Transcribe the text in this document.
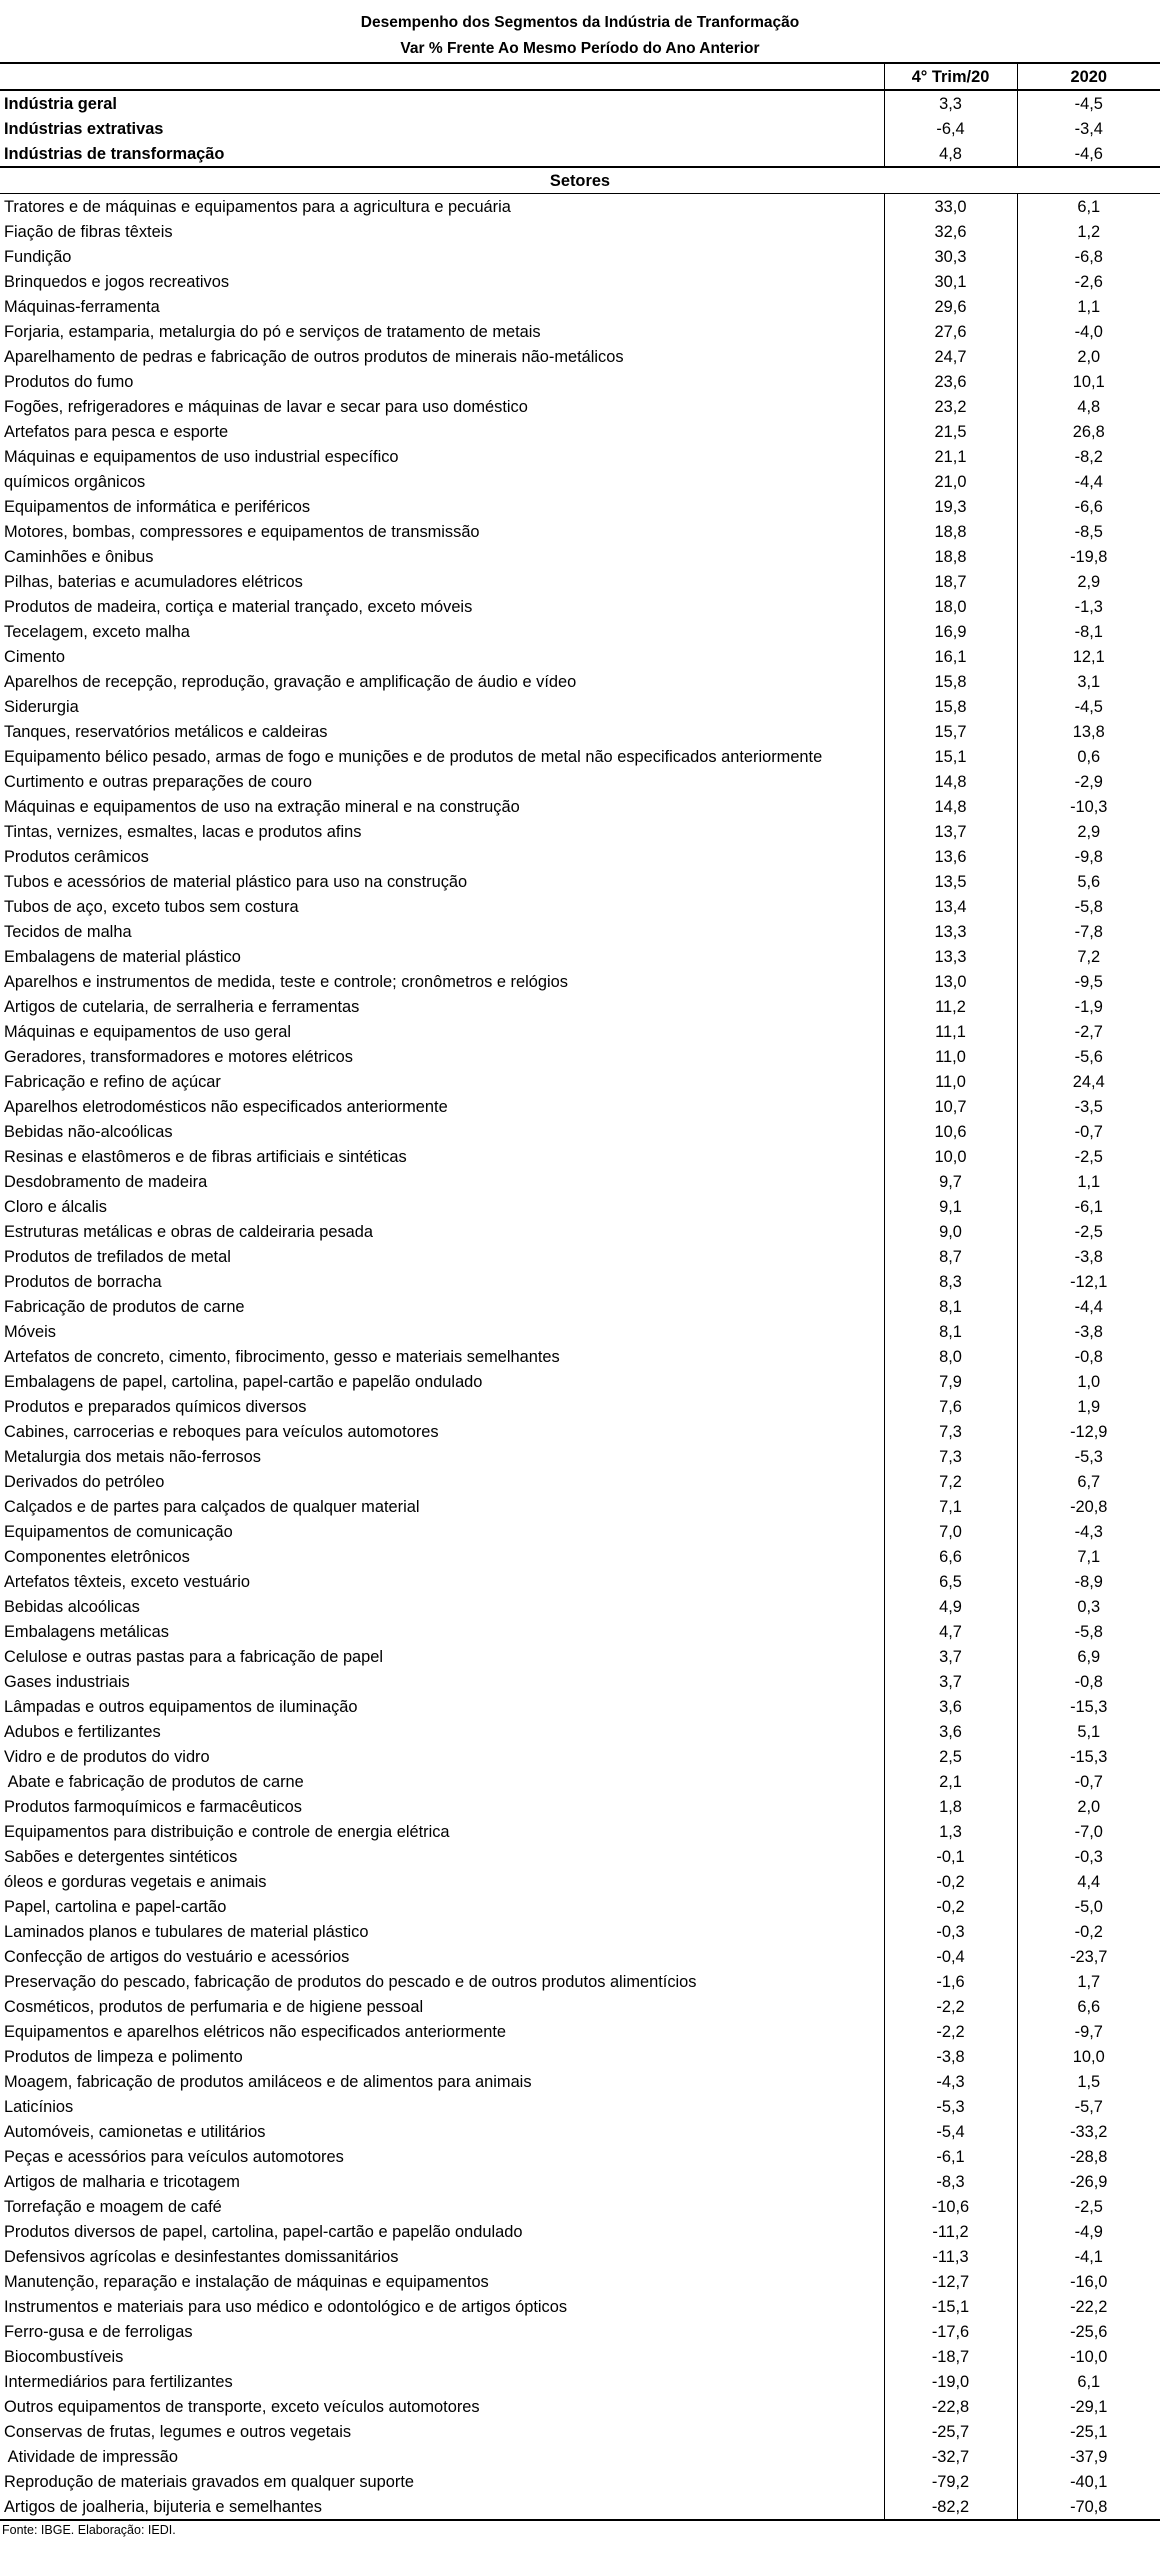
Desempenho dos Segmentos da Indústria de Tranformação
Var % Frente Ao Mesmo Período do Ano Anterior
	4° Trim/20	2020
Indústria geral	3,3	-4,5
Indústrias extrativas	-6,4	-3,4
Indústrias de transformação	4,8	-4,6
Setores		
Tratores e de máquinas e equipamentos para a agricultura e pecuária	33,0	6,1
Fiação de fibras têxteis	32,6	1,2
Fundição	30,3	-6,8
Brinquedos e jogos recreativos	30,1	-2,6
Máquinas-ferramenta	29,6	1,1
Forjaria, estamparia, metalurgia do pó e serviços de tratamento de metais	27,6	-4,0
Aparelhamento de pedras e fabricação de outros produtos de minerais não-metálicos	24,7	2,0
Produtos do fumo	23,6	10,1
Fogões, refrigeradores e máquinas de lavar e secar para uso doméstico	23,2	4,8
Artefatos para pesca e esporte	21,5	26,8
Máquinas e equipamentos de uso industrial específico	21,1	-8,2
químicos orgânicos	21,0	-4,4
Equipamentos de informática e periféricos	19,3	-6,6
Motores, bombas, compressores e equipamentos de transmissão	18,8	-8,5
Caminhões e ônibus	18,8	-19,8
Pilhas, baterias e acumuladores elétricos	18,7	2,9
Produtos de madeira, cortiça e material trançado, exceto móveis	18,0	-1,3
Tecelagem, exceto malha	16,9	-8,1
Cimento	16,1	12,1
Aparelhos de recepção, reprodução, gravação e amplificação de áudio e vídeo	15,8	3,1
Siderurgia	15,8	-4,5
Tanques, reservatórios metálicos e caldeiras	15,7	13,8
Equipamento bélico pesado, armas de fogo e munições e de produtos de metal não especificados anteriormente	15,1	0,6
Curtimento e outras preparações de couro	14,8	-2,9
Máquinas e equipamentos de uso na extração mineral e na construção	14,8	-10,3
Tintas, vernizes, esmaltes, lacas e produtos afins	13,7	2,9
Produtos cerâmicos	13,6	-9,8
Tubos e acessórios de material plástico para uso na construção	13,5	5,6
Tubos de aço, exceto tubos sem costura	13,4	-5,8
Tecidos de malha	13,3	-7,8
Embalagens de material plástico	13,3	7,2
Aparelhos e instrumentos de medida, teste e controle; cronômetros e relógios	13,0	-9,5
Artigos de cutelaria, de serralheria e ferramentas	11,2	-1,9
Máquinas e equipamentos de uso geral	11,1	-2,7
Geradores, transformadores e motores elétricos	11,0	-5,6
Fabricação e refino de açúcar	11,0	24,4
Aparelhos eletrodomésticos não especificados anteriormente	10,7	-3,5
Bebidas não-alcoólicas	10,6	-0,7
Resinas e elastômeros e de fibras artificiais e sintéticas	10,0	-2,5
Desdobramento de madeira	9,7	1,1
Cloro e álcalis	9,1	-6,1
Estruturas metálicas e obras de caldeiraria pesada	9,0	-2,5
Produtos de trefilados de metal	8,7	-3,8
Produtos de borracha	8,3	-12,1
Fabricação de produtos de carne	8,1	-4,4
Móveis	8,1	-3,8
Artefatos de concreto, cimento, fibrocimento, gesso e materiais semelhantes	8,0	-0,8
Embalagens de papel, cartolina, papel-cartão e papelão ondulado	7,9	1,0
Produtos e preparados químicos diversos	7,6	1,9
Cabines, carrocerias e reboques para veículos automotores	7,3	-12,9
Metalurgia dos metais não-ferrosos	7,3	-5,3
Derivados do petróleo	7,2	6,7
Calçados e de partes para calçados de qualquer material	7,1	-20,8
Equipamentos de comunicação	7,0	-4,3
Componentes eletrônicos	6,6	7,1
Artefatos têxteis, exceto vestuário	6,5	-8,9
Bebidas alcoólicas	4,9	0,3
Embalagens metálicas	4,7	-5,8
Celulose e outras pastas para a fabricação de papel	3,7	6,9
Gases industriais	3,7	-0,8
Lâmpadas e outros equipamentos de iluminação	3,6	-15,3
Adubos e fertilizantes	3,6	5,1
Vidro e de produtos do vidro	2,5	-15,3
Abate e fabricação de produtos de carne	2,1	-0,7
Produtos farmoquímicos e farmacêuticos	1,8	2,0
Equipamentos para distribuição e controle de energia elétrica	1,3	-7,0
Sabões e detergentes sintéticos	-0,1	-0,3
óleos e gorduras vegetais e animais	-0,2	4,4
Papel, cartolina e papel-cartão	-0,2	-5,0
Laminados planos e tubulares de material plástico	-0,3	-0,2
Confecção de artigos do vestuário e acessórios	-0,4	-23,7
Preservação do pescado, fabricação de produtos do pescado e de outros produtos alimentícios	-1,6	1,7
Cosméticos, produtos de perfumaria e de higiene pessoal	-2,2	6,6
Equipamentos e aparelhos elétricos não especificados anteriormente	-2,2	-9,7
Produtos de limpeza e polimento	-3,8	10,0
Moagem, fabricação de produtos amiláceos e de alimentos para animais	-4,3	1,5
Laticínios	-5,3	-5,7
Automóveis, camionetas e utilitários	-5,4	-33,2
Peças e acessórios para veículos automotores	-6,1	-28,8
Artigos de malharia e tricotagem	-8,3	-26,9
Torrefação e moagem de café	-10,6	-2,5
Produtos diversos de papel, cartolina, papel-cartão e papelão ondulado	-11,2	-4,9
Defensivos agrícolas e desinfestantes domissanitários	-11,3	-4,1
Manutenção, reparação e instalação de máquinas e equipamentos	-12,7	-16,0
Instrumentos e materiais para uso médico e odontológico e de artigos ópticos	-15,1	-22,2
Ferro-gusa e de ferroligas	-17,6	-25,6
Biocombustíveis	-18,7	-10,0
Intermediários para fertilizantes	-19,0	6,1
Outros equipamentos de transporte, exceto veículos automotores	-22,8	-29,1
Conservas de frutas, legumes e outros vegetais	-25,7	-25,1
Atividade de impressão	-32,7	-37,9
Reprodução de materiais gravados em qualquer suporte	-79,2	-40,1
Artigos de joalheria, bijuteria e semelhantes	-82,2	-70,8
Fonte: IBGE. Elaboração: IEDI.
